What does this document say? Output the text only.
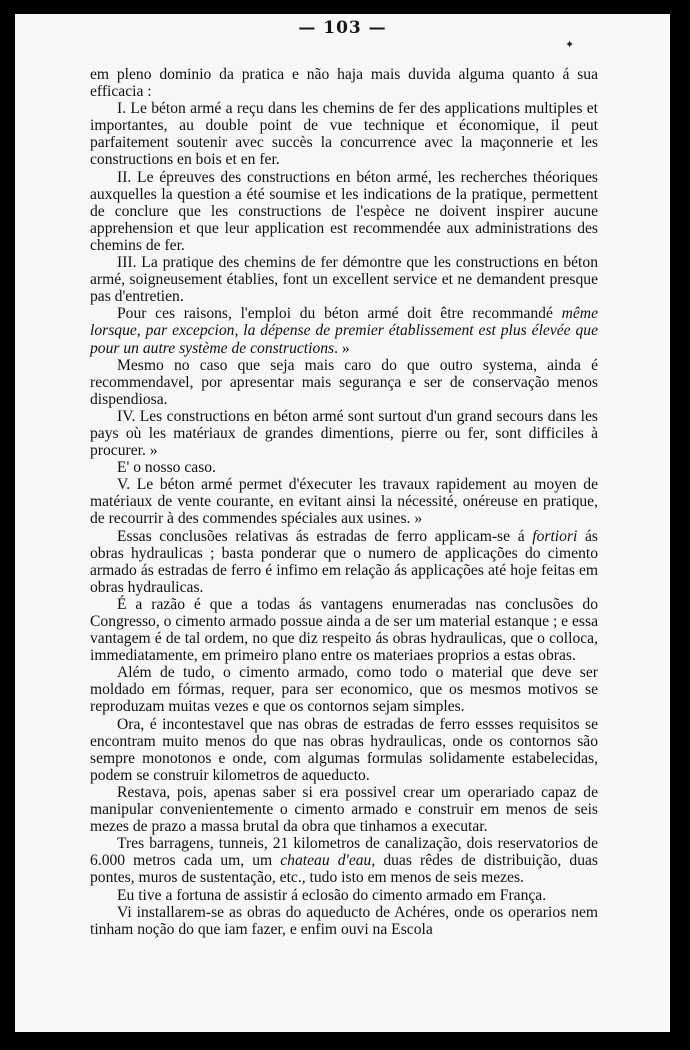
— 103 —
✦

em pleno dominio da pratica e não haja mais duvida alguma quanto á sua efficacia :

I. Le béton armé a reçu dans les chemins de fer des applications multiples et importantes, au double point de vue technique et économique, il peut parfaitement soutenir avec succès la concurrence avec la maçonnerie et les constructions en bois et en fer.

II. Le épreuves des constructions en béton armé, les recherches théoriques auxquelles la question a été soumise et les indications de la pratique, permettent de conclure que les constructions de l'espèce ne doivent inspirer aucune apprehension et que leur application est recommendée aux administrations des chemins de fer.

III. La pratique des chemins de fer démontre que les constructions en béton armé, soigneusement établies, font un excellent service et ne demandent presque pas d'entretien.

Pour ces raisons, l'emploi du béton armé doit être recommandé même lorsque, par excepcion, la dépense de premier établissement est plus élevée que pour un autre système de constructions. »

Mesmo no caso que seja mais caro do que outro systema, ainda é recommendavel, por apresentar mais segurança e ser de conservação menos dispendiosa.

IV. Les constructions en béton armé sont surtout d'un grand secours dans les pays où les matériaux de grandes dimentions, pierre ou fer, sont difficiles à procurer. »

E' o nosso caso.

V. Le béton armé permet d'éxecuter les travaux rapidement au moyen de matériaux de vente courante, en evitant ainsi la nécessité, onéreuse en pratique, de recourrir à des commendes spéciales aux usines. »

Essas conclusões relativas ás estradas de ferro applicam-se á fortiori ás obras hydraulicas ; basta ponderar que o numero de applicações do cimento armado ás estradas de ferro é infimo em relação ás applicações até hoje feitas em obras hydraulicas.

É a razão é que a todas ás vantagens enumeradas nas conclusões do Congresso, o cimento armado possue ainda a de ser um material estanque ; e essa vantagem é de tal ordem, no que diz respeito ás obras hydraulicas, que o colloca, immediatamente, em primeiro plano entre os materiaes proprios a estas obras.

Além de tudo, o cimento armado, como todo o material que deve ser moldado em fórmas, requer, para ser economico, que os mesmos motivos se reproduzam muitas vezes e que os contornos sejam simples.

Ora, é incontestavel que nas obras de estradas de ferro essses requisitos se encontram muito menos do que nas obras hydraulicas, onde os contornos são sempre monotonos e onde, com algumas formulas solidamente estabelecidas, podem se construir kilometros de aqueducto.

Restava, pois, apenas saber si era possivel crear um operariado capaz de manipular convenientemente o cimento armado e construir em menos de seis mezes de prazo a massa brutal da obra que tinhamos a executar.

Tres barragens, tunneis, 21 kilometros de canalização, dois reservatorios de 6.000 metros cada um, um chateau d'eau, duas rêdes de distribuição, duas pontes, muros de sustentação, etc., tudo isto em menos de seis mezes.

Eu tive a fortuna de assistir á eclosão do cimento armado em França.

Vi installarem-se as obras do aqueducto de Achéres, onde os operarios nem tinham noção do que iam fazer, e enfim ouvi na Escola
